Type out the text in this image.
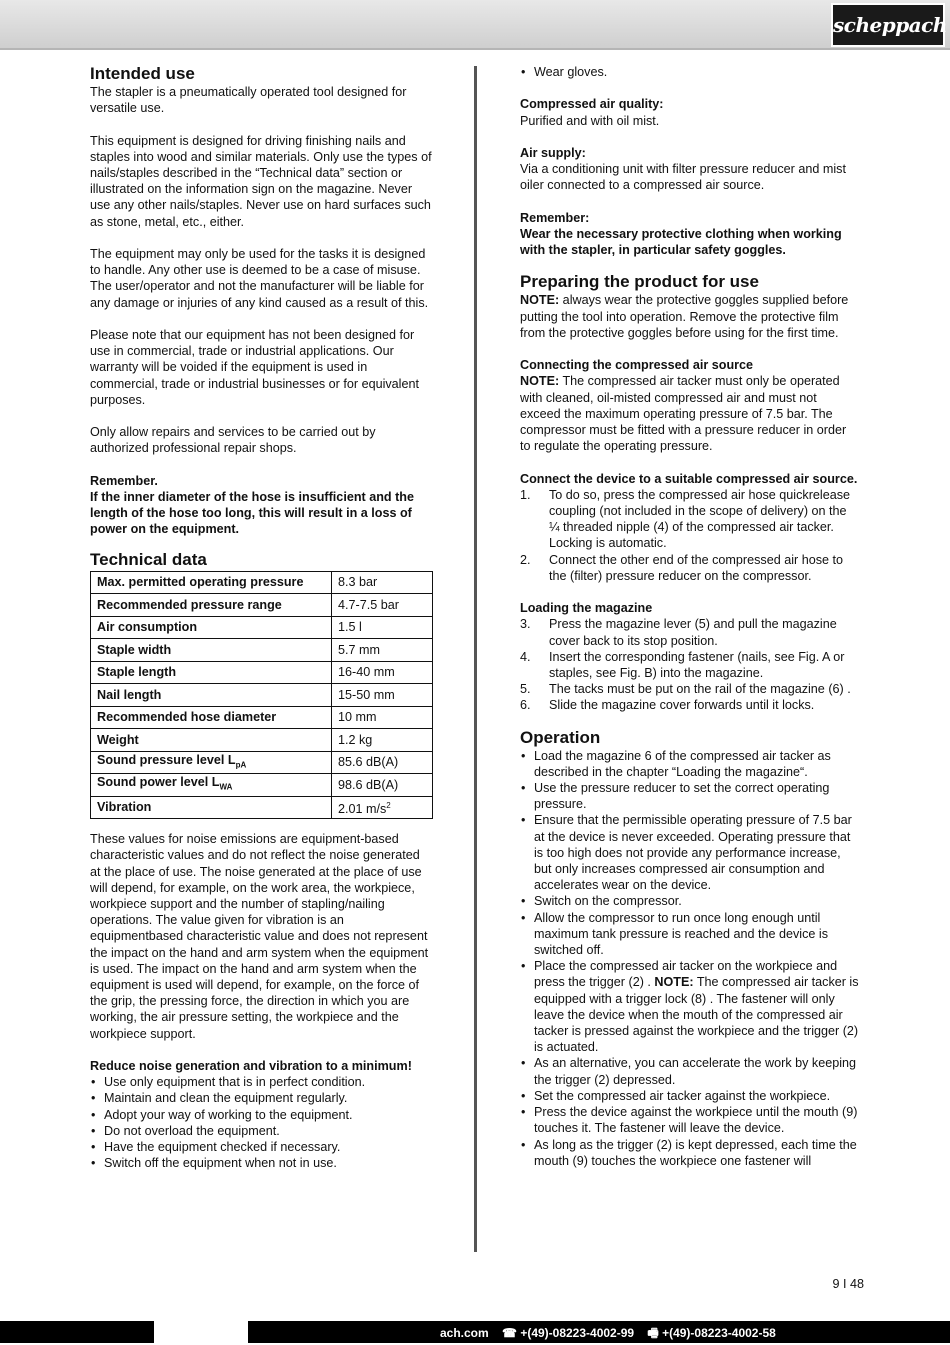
scheppach
Intended use

The stapler is a pneumatically operated tool designed for versatile use.

This equipment is designed for driving finishing nails and staples into wood and similar materials. Only use the types of nails/staples described in the “Technical data” section or illustrated on the information sign on the magazine. Never use any other nails/staples. Never use on hard surfaces such as stone, metal, etc., either.

The equipment may only be used for the tasks it is designed to handle. Any other use is deemed to be a case of misuse. The user/operator and not the manufacturer will be liable for any damage or injuries of any kind caused as a result of this.

Please note that our equipment has not been designed for use in commercial, trade or industrial applications. Our warranty will be voided if the equipment is used in commercial, trade or industrial businesses or for equivalent purposes.

Only allow repairs and services to be carried out by authorized professional repair shops.

Remember.

If the inner diameter of the hose is insufficient and the length of the hose too long, this will result in a loss of power on the equipment.

Technical data
Max. permitted operating pressure	8.3 bar
Recommended pressure range	4.7-7.5 bar
Air consumption	1.5 l
Staple width	5.7 mm
Staple length	16-40 mm
Nail length	15-50 mm
Recommended hose diameter	10 mm
Weight	1.2 kg
Sound pressure level $L_{pA}$	85.6 dB(A)
Sound power level $L_{WA}$	98.6 dB(A)
Vibration	2.01 $m/s^2$

These values for noise emissions are equipment-based characteristic values and do not reflect the noise generated at the place of use. The noise generated at the place of use will depend, for example, on the work area, the workpiece, workpiece support and the number of stapling/nailing operations. The value given for vibration is an equipmentbased characteristic value and does not represent the impact on the hand and arm system when the equipment is used. The impact on the hand and arm system when the equipment is used will depend, for example, on the force of the grip, the pressing force, the direction in which you are working, the air pressure setting, the workpiece and the workpiece support.

Reduce noise generation and vibration to a minimum!
• Use only equipment that is in perfect condition.
• Maintain and clean the equipment regularly.
• Adopt your way of working to the equipment.
• Do not overload the equipment.
• Have the equipment checked if necessary.
• Switch off the equipment when not in use.
• Wear gloves.
Compressed air quality:

Purified and with oil mist.

Air supply:

Via a conditioning unit with filter pressure reducer and mist oiler connected to a compressed air source.

Remember:

Wear the necessary protective clothing when working with the stapler, in particular safety goggles.

Preparing the product for use

NOTE: always wear the protective goggles supplied before putting the tool into operation. Remove the protective film from the protective goggles before using for the first time.

Connecting the compressed air source

NOTE: The compressed air tacker must only be operated with cleaned, oil-misted compressed air and must not exceed the maximum operating pressure of 7.5 bar. The compressor must be fitted with a pressure reducer in order to regulate the operating pressure.

Connect the device to a suitable compressed air source.
1. To do so, press the compressed air hose quickrelease coupling (not included in the scope of delivery) on the ¼ threaded nipple (4) of the compressed air tacker. Locking is automatic.
2. Connect the other end of the compressed air hose to the (filter) pressure reducer on the compressor.
Loading the magazine
3. Press the magazine lever (5) and pull the magazine cover back to its stop position.
4. Insert the corresponding fastener (nails, see Fig. A or staples, see Fig. B) into the magazine.
5. The tacks must be put on the rail of the magazine (6) .
6. Slide the magazine cover forwards until it locks.
Operation
• Load the magazine 6 of the compressed air tacker as described in the chapter “Loading the magazine“.
• Use the pressure reducer to set the correct operating pressure.
• Ensure that the permissible operating pressure of 7.5 bar at the device is never exceeded. Operating pressure that is too high does not provide any performance increase, but only increases compressed air consumption and accelerates wear on the device.
• Switch on the compressor.
• Allow the compressor to run once long enough until maximum tank pressure is reached and the device is switched off.
• Place the compressed air tacker on the workpiece and press the trigger (2) . NOTE: The compressed air tacker is equipped with a trigger lock (8) . The fastener will only leave the device when the mouth of the compressed air tacker is pressed against the workpiece and the trigger (2) is actuated.
• As an alternative, you can accelerate the work by keeping the trigger (2) depressed.
• Set the compressed air tacker against the workpiece.
• Press the device against the workpiece until the mouth (9) touches it. The fastener will leave the device.
• As long as the trigger (2) is kept depressed, each time the mouth (9) touches the workpiece one fastener will
9 I 48
ach.com ☎ +(49)-08223-4002-99 🖷 +(49)-08223-4002-58
